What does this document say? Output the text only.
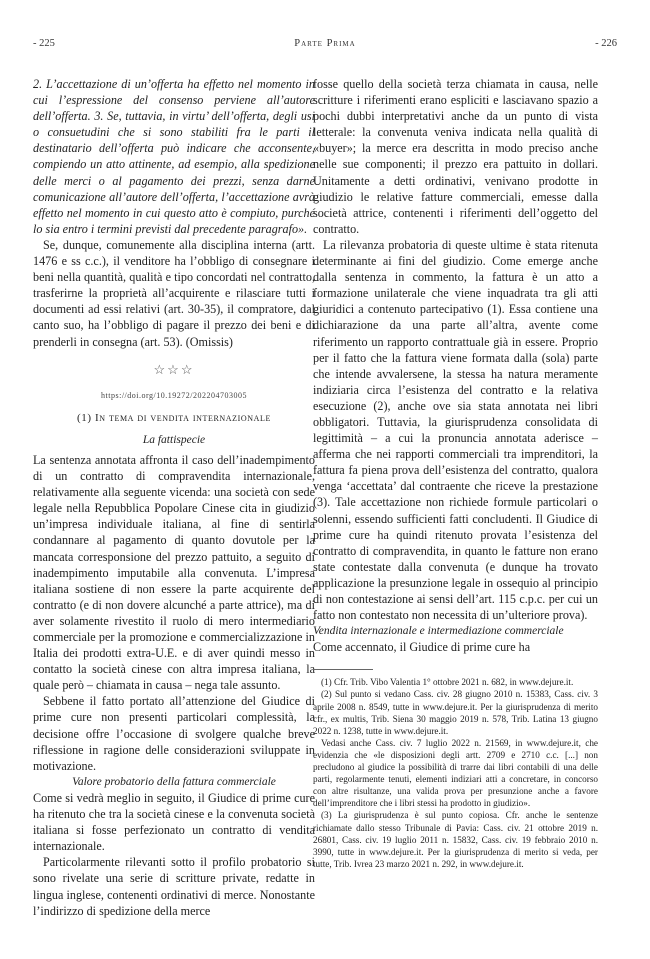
- 225	Parte Prima	- 226

2. L’accettazione di un’offerta ha effetto nel momento in cui l’espressione del consenso perviene all’autore dell’offerta. 3. Se, tuttavia, in virtu’ dell’offerta, degli usi o consuetudini che si sono stabiliti fra le parti il destinatario dell’offerta può indicare che acconsente, compiendo un atto attinente, ad esempio, alla spedizione delle merci o al pagamento dei prezzi, senza darne comunicazione all’autore dell’offerta, l’accettazione avrà effetto nel momento in cui questo atto è compiuto, purché lo sia entro i termini previsti dal precedente paragrafo».

Se, dunque, comunemente alla disciplina interna (artt. 1476 e ss c.c.), il venditore ha l’obbligo di consegnare i beni nella quantità, qualità e tipo concordati nel contratto, trasferirne la proprietà all’acquirente e rilasciare tutti i documenti ad essi relativi (art. 30-35), il compratore, dal canto suo, ha l’obbligo di pagare il prezzo dei beni e di prenderli in consegna (art. 53). (Omissis)

☆☆☆
https://doi.org/10.19272/202204703005
(1) In tema di vendita internazionale
La fattispecie

La sentenza annotata affronta il caso dell’inadempimento di un contratto di compravendita internazionale, relativamente alla seguente vicenda: una società con sede legale nella Repubblica Popolare Cinese cita in giudizio un’impresa individuale italiana, al fine di sentirla condannare al pagamento di quanto dovutole per la mancata corresponsione del prezzo pattuito, a seguito di inadempimento imputabile alla convenuta. L’impresa italiana sostiene di non essere la parte acquirente del contratto (e di non dovere alcunché a parte attrice), ma di aver solamente rivestito il ruolo di mero intermediario commerciale per la promozione e commercializzazione in Italia dei prodotti extra-U.E. e di aver quindi messo in contatto la società cinese con altra impresa italiana, la quale però – chiamata in causa – nega tale assunto.

Sebbene il fatto portato all’attenzione del Giudice di prime cure non presenti particolari complessità, la decisione offre l’occasione di svolgere qualche breve riflessione in ragione delle considerazioni sviluppate in motivazione.

Valore probatorio della fattura commerciale

Come si vedrà meglio in seguito, il Giudice di prime cure ha ritenuto che tra la società cinese e la convenuta società italiana si fosse perfezionato un contratto di vendita internazionale.

Particolarmente rilevanti sotto il profilo probatorio si sono rivelate una serie di scritture private, redatte in lingua inglese, contenenti ordinativi di merce. Nonostante l’indirizzo di spedizione della merce

fosse quello della società terza chiamata in causa, nelle scritture i riferimenti erano espliciti e lasciavano spazio a pochi dubbi interpretativi anche da un punto di vista letterale: la convenuta veniva indicata nella qualità di «buyer»; la merce era descritta in modo preciso anche nelle sue componenti; il prezzo era pattuito in dollari. Unitamente a detti ordinativi, venivano prodotte in giudizio le relative fatture commerciali, emesse dalla società attrice, contenenti i riferimenti dell’oggetto del contratto.

La rilevanza probatoria di queste ultime è stata ritenuta determinante ai fini del giudizio. Come emerge anche dalla sentenza in commento, la fattura è un atto a formazione unilaterale che viene inquadrata tra gli atti giuridici a contenuto partecipativo (1). Essa contiene una dichiarazione da una parte all’altra, avente come riferimento un rapporto contrattuale già in essere. Proprio per il fatto che la fattura viene formata dalla (sola) parte che intende avvalersene, la stessa ha natura meramente indiziaria circa l’esistenza del contratto e la relativa esecuzione (2), anche ove sia stata annotata nei libri obbligatori. Tuttavia, la giurisprudenza consolidata di legittimità – a cui la pronuncia annotata aderisce – afferma che nei rapporti commerciali tra imprenditori, la fattura fa piena prova dell’esistenza del contratto, qualora venga ‘accettata’ dal contraente che riceve la prestazione (3). Tale accettazione non richiede formule particolari o solenni, essendo sufficienti fatti concludenti. Il Giudice di prime cure ha quindi ritenuto provata l’esistenza del contratto di compravendita, in quanto le fatture non erano state contestate dalla convenuta (e dunque ha trovato applicazione la presunzione legale in ossequio al principio di non contestazione ai sensi dell’art. 115 c.p.c. per cui un fatto non contestato non necessita di un’ulteriore prova).

Vendita internazionale e intermediazione commerciale

Come accennato, il Giudice di prime cure ha

(1) Cfr. Trib. Vibo Valentia 1° ottobre 2021 n. 682, in www.dejure.it.

(2) Sul punto si vedano Cass. civ. 28 giugno 2010 n. 15383, Cass. civ. 3 aprile 2008 n. 8549, tutte in www.dejure.it. Per la giurisprudenza di merito cfr., ex multis, Trib. Siena 30 maggio 2019 n. 578, Trib. Latina 13 giugno 2022 n. 1238, tutte in www.dejure.it.

Vedasi anche Cass. civ. 7 luglio 2022 n. 21569, in www.dejure.it, che evidenzia che «le disposizioni degli artt. 2709 e 2710 c.c. [...] non precludono al giudice la possibilità di trarre dai libri contabili di una delle parti, regolarmente tenuti, elementi indiziari atti a concretare, in concorso con altre risultanze, una valida prova per presunzione anche a favore dell’imprenditore che i libri stessi ha prodotto in giudizio».

(3) La giurisprudenza è sul punto copiosa. Cfr. anche le sentenze richiamate dallo stesso Tribunale di Pavia: Cass. civ. 21 ottobre 2019 n. 26801, Cass. civ. 19 luglio 2011 n. 15832, Cass. civ. 19 febbraio 2010 n. 3990, tutte in www.dejure.it. Per la giurisprudenza di merito si veda, per tutte, Trib. Ivrea 23 marzo 2021 n. 292, in www.dejure.it.
